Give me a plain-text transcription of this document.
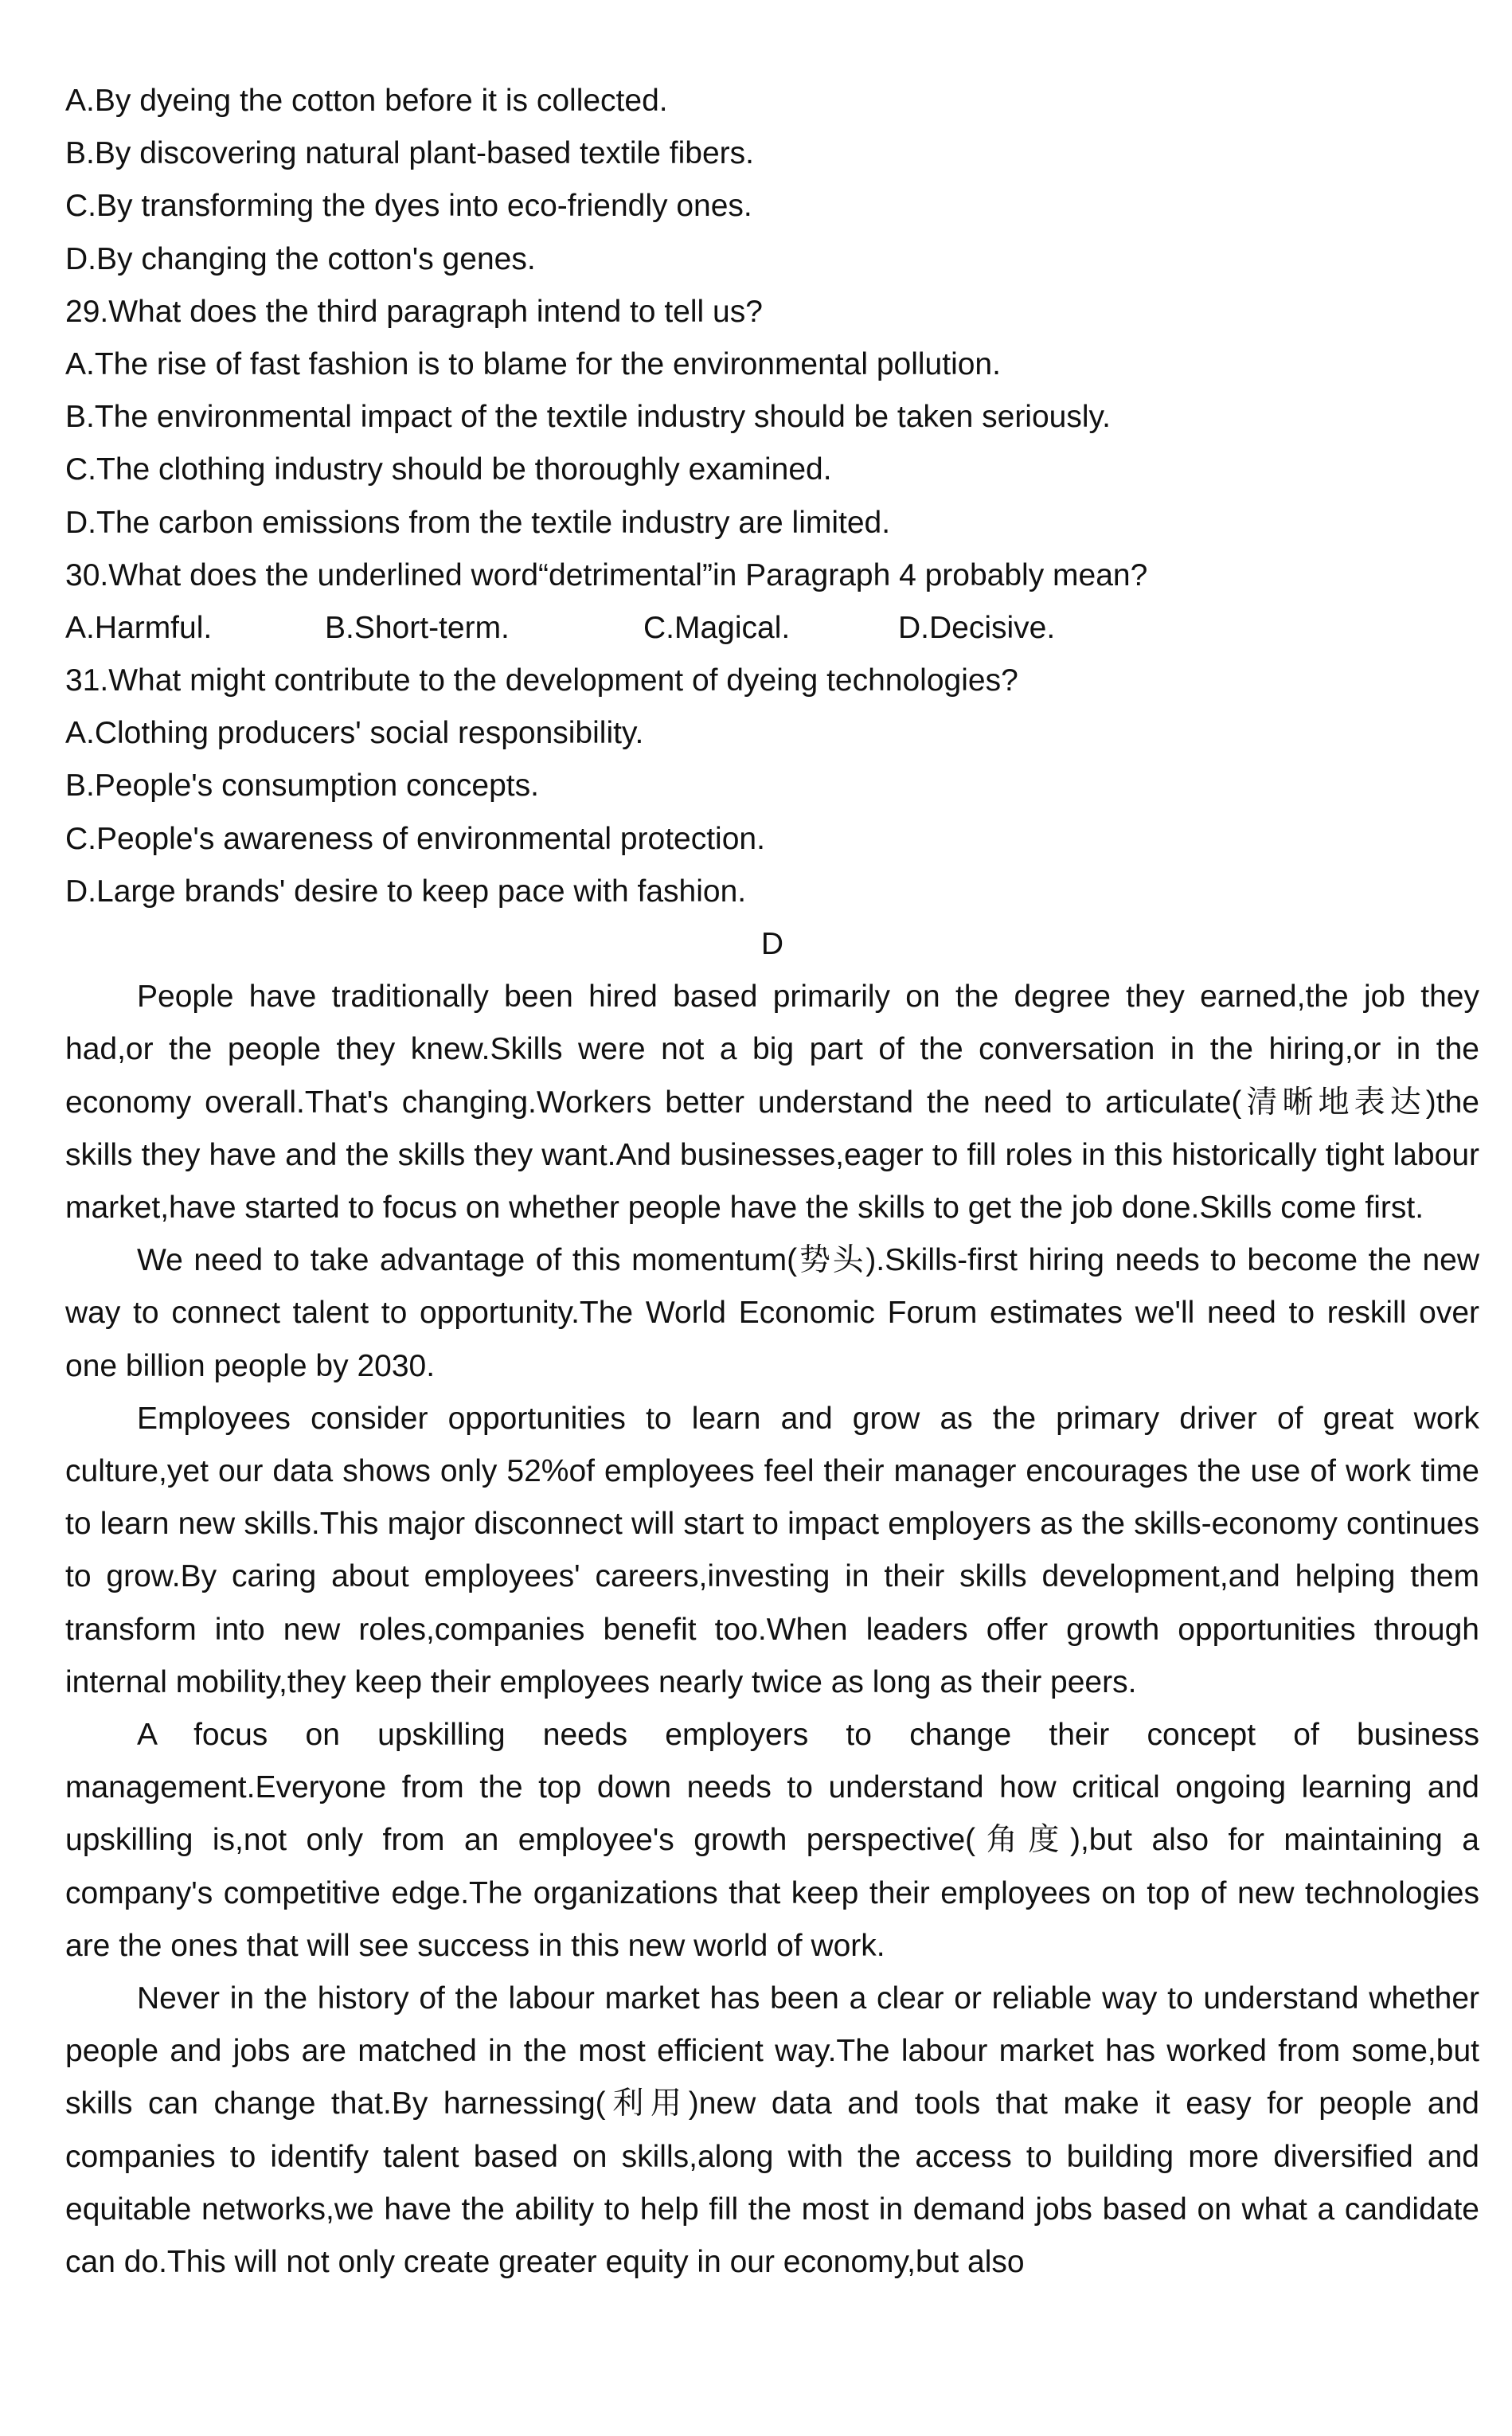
A.By dyeing the cotton before it is collected.
B.By discovering natural plant-based textile fibers.
C.By transforming the dyes into eco-friendly ones.
D.By changing the cotton's genes.
29.What does the third paragraph intend to tell us?
A.The rise of fast fashion is to blame for the environmental pollution.
B.The environmental impact of the textile industry should be taken seriously.
C.The clothing industry should be thoroughly examined.
D.The carbon emissions from the textile industry are limited.
30.What does the underlined word“detrimental”in Paragraph 4 probably mean?
A.Harmful.	B.Short-term.	C.Magical.	D.Decisive.
31.What might contribute to the development of dyeing technologies?
A.Clothing producers' social responsibility.
B.People's consumption concepts.
C.People's awareness of environmental protection.
D.Large brands' desire to keep pace with fashion.
D

People have traditionally been hired based primarily on the degree they earned,the job they had,or the people they knew.Skills were not a big part of the conversation in the hiring,or in the economy overall.That's changing.Workers better understand the need to articulate(清晰地表达)the skills they have and the skills they want.And businesses,eager to fill roles in this historically tight labour market,have started to focus on whether people have the skills to get the job done.Skills come first.

We need to take advantage of this momentum(势头).Skills-first hiring needs to become the new way to connect talent to opportunity.The World Economic Forum estimates we'll need to reskill over one billion people by 2030.

Employees consider opportunities to learn and grow as the primary driver of great work culture,yet our data shows only 52%of employees feel their manager encourages the use of work time to learn new skills.This major disconnect will start to impact employers as the skills-economy continues to grow.By caring about employees' careers,investing in their skills development,and helping them transform into new roles,companies benefit too.When leaders offer growth opportunities through internal mobility,they keep their employees nearly twice as long as their peers.

A focus on upskilling needs employers to change their concept of business management.Everyone from the top down needs to understand how critical ongoing learning and upskilling is,not only from an employee's growth perspective(角度),but also for maintaining a company's competitive edge.The organizations that keep their employees on top of new technologies are the ones that will see success in this new world of work.

Never in the history of the labour market has been a clear or reliable way to understand whether people and jobs are matched in the most efficient way.The labour market has worked from some,but skills can change that.By harnessing(利用)new data and tools that make it easy for people and companies to identify talent based on skills,along with the access to building more diversified and equitable networks,we have the ability to help fill the most in demand jobs based on what a candidate can do.This will not only create greater equity in our economy,but also
